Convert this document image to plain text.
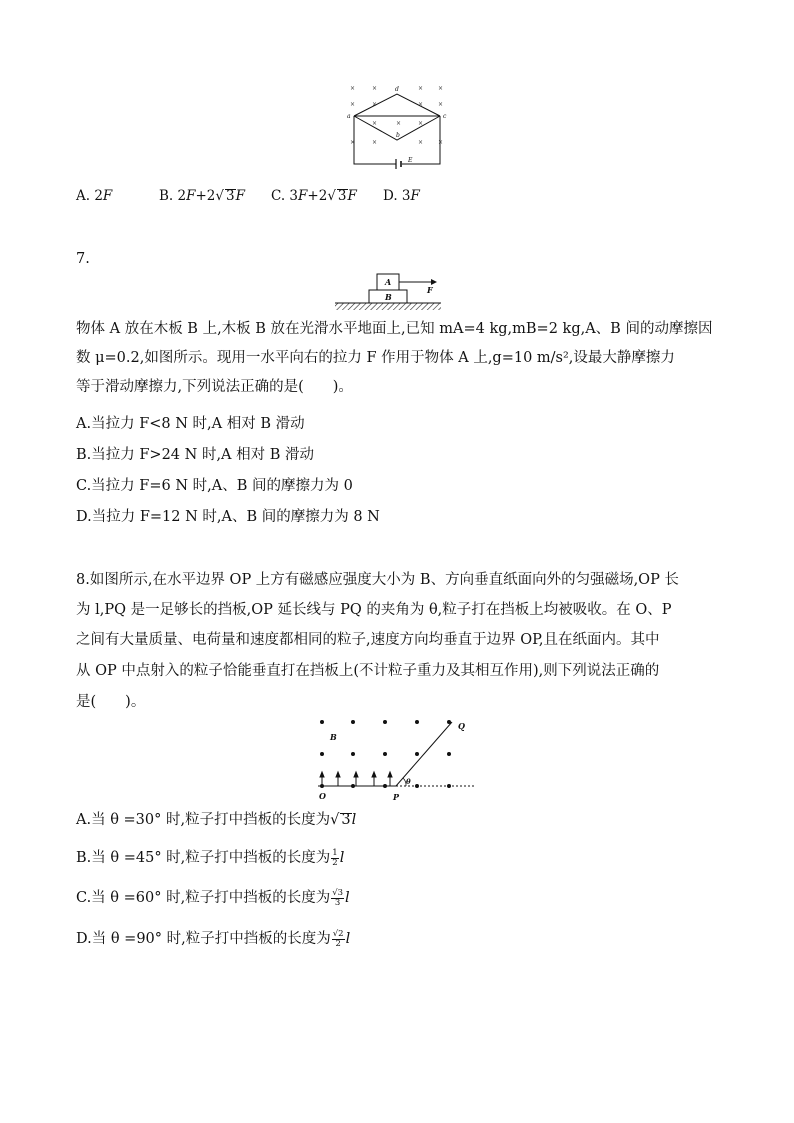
×	×	× ×
×	×	× ×
×	×	×
×	×	× ×
a
d
c
b
E
A. 2F	B. 2F+2√ 3F C. 3F+2√ 3F D. 3F
7.
A
B
F
物体 A 放在木板 B 上,木板 B 放在光滑水平地面上,已知 mA=4 kg,mB=2 kg,A、B 间的动摩擦因
数 μ=0.2,如图所示。现用一水平向右的拉力 F 作用于物体 A 上,g=10 m/s²,设最大静摩擦力
等于滑动摩擦力,下列说法正确的是(　　)。
A.当拉力 F<8 N 时,A 相对 B 滑动
B.当拉力 F>24 N 时,A 相对 B 滑动
C.当拉力 F=6 N 时,A、B 间的摩擦力为 0
D.当拉力 F=12 N 时,A、B 间的摩擦力为 8 N
8.如图所示,在水平边界 OP 上方有磁感应强度大小为 B、方向垂直纸面向外的匀强磁场,OP 长
为 l,PQ 是一足够长的挡板,OP 延长线与 PQ 的夹角为 θ,粒子打在挡板上均被吸收。在 O、P
之间有大量质量、电荷量和速度都相同的粒子,速度方向均垂直于边界 OP,且在纸面内。其中
从 OP 中点射入的粒子恰能垂直打在挡板上(不计粒子重力及其相互作用),则下列说法正确的
是(　　)。
B
Q
O	P
θ
A.当 θ =30° 时,粒子打中挡板的长度为√ 3l
B.当 θ =45° 时,粒子打中挡板的长度为 $\frac{1}{2}$ l
C.当 θ =60° 时,粒子打中挡板的长度为 $\frac{√3}{3}$ l
D.当 θ =90° 时,粒子打中挡板的长度为 $\frac{√2}{2}$ l
